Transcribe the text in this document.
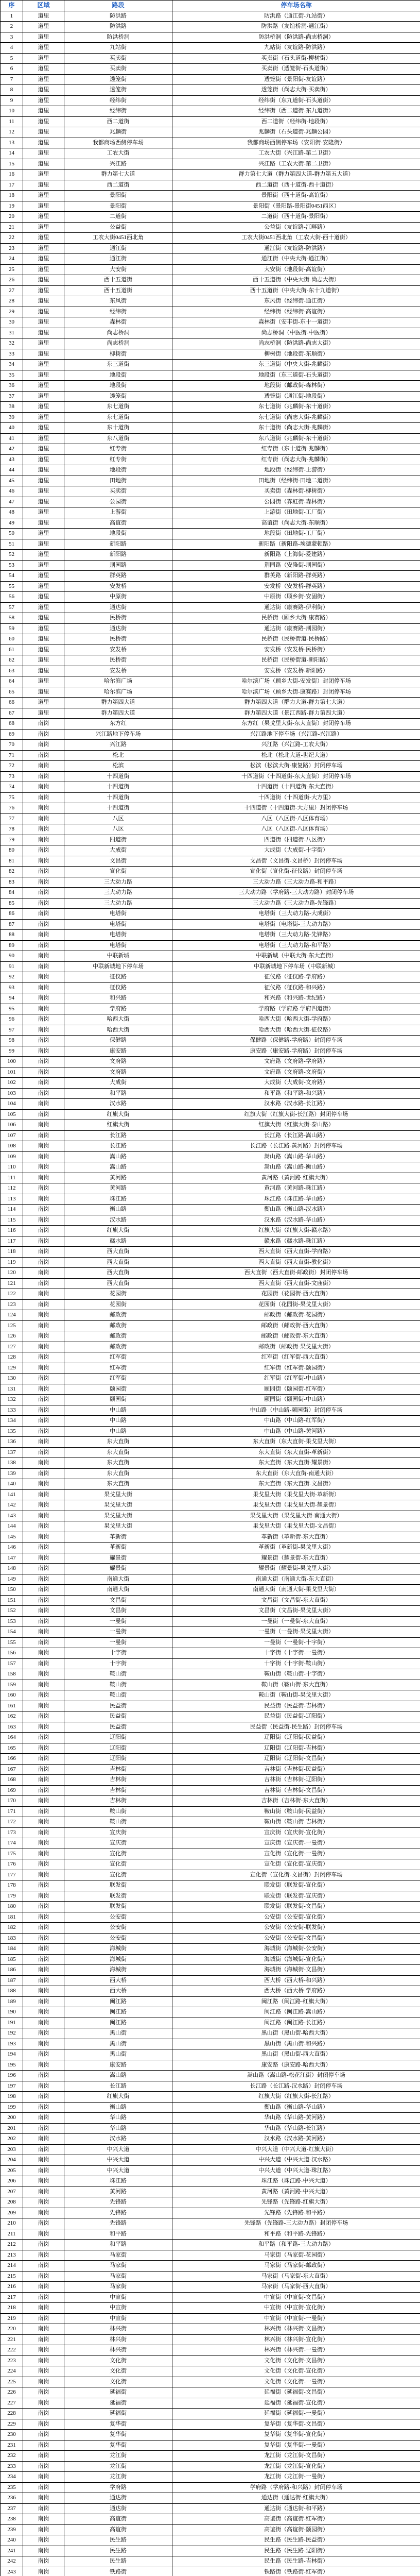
序	区域	路段	停车场名称
1	道里	防洪路	防洪路（通江街-九站街）
2	道里	防洪路	防洪路（友谊桥洞-通江街）
3	道里	防洪桥洞	防洪桥洞（防洪路-尚志桥洞）
4	道里	九站街	九站街（友谊路-防洪路）
5	道里	买卖街	买卖街（石头道街-柳树街）
6	道里	买卖街	买卖街（透笼街-石头道街）
7	道里	透笼街	透笼街（景阳街-友谊路）
8	道里	透笼街	透笼街（尚志大街-买卖街）
9	道里	经纬街	经纬街（东九道街-石头道街）
10	道里	经纬街	经纬街（西二道街-东九道街）
11	道里	西二道街	西二道街（经纬街-地段街）
12	道里	兆麟街	兆麟街（石头道街-兆麟公园）
13	道里	我都商场西侧停车场	我都商场西侧停车场（安阳街-安隆街）
14	道里	工农大街	工农大街（兴江路-第二卫街）
15	道里	兴江路	兴江路（工农大街-第二卫街）
16	道里	群力第七大道	群力第七大道（群力第四大道-群力第五大道）
17	道里	西二道街	西二道街（西十道街-西十道街）
18	道里	景阳街	景阳街（西十道街-高谊街）
19	道里	景阳街	景阳街（景阳路-景阳街0451西区）
20	道里	二道街	二道街（西十道街-景阳街）
21	道里	公益街	公益街（友谊路-江畔路）
22	道里	工农大街0451西北角	工农大街0451西北角（工农大街-西十道街）
23	道里	通江街	通江街（友谊路-防洪路）
24	道里	通江街	通江街（中央大街-通江街）
25	道里	大安街	大安街（地段街-高谊街）
26	道里	西十五道街	西十五道街（中央大街-尚志大街）
27	道里	西十五道街	西十五道街（中央大街-东十九道街）
28	道里	东风街	东风街（经纬街-通江街）
29	道里	经纬街	经纬街（经纬街-高谊街）
30	道里	森林街	森林街（安丰街-东十一道街）
31	道里	尚志桥洞	尚志桥洞（中医街-中医街）
32	道里	尚志桥洞	尚志桥洞（防洪路-尚志大街）
33	道里	柳树街	柳树街（地段街-东顺街）
34	道里	东三道街	东三道街（中央大街-兆麟街）
35	道里	地段街	地段街（东三道街-石头道街）
36	道里	地段街	地段街（邮政街-森林街）
37	道里	透笼街	透笼街（通江街-地段街）
38	道里	东七道街	东七道街（兆麟街-东十道街）
39	道里	东七道街	东七道街（尚志大街-兆麟街）
40	道里	东十道街	东十道街（尚志大街-兆麟街）
41	道里	东八道街	东八道街（兆麟街-东十道街）
42	道里	红专街	红专街（东十道街-兆麟街）
43	道里	红专街	红专街（尚志大街-兆麟街）
44	道里	地段街	地段街（经纬街-上游街）
45	道里	田地街	田地街（经纬街-田地二道街）
46	道里	买卖街	买卖街（森林街-柳树街）
47	道里	公园街	公园街（霁虹街-森林街）
48	道里	上游街	上游街（田地街-工厂街）
49	道里	高谊街	高谊街（尚志大街-东顺街）
50	道里	地段街	地段街（田地街-工厂街）
51	道里	新阳路	新阳路（新阳路-埃德蒙顿路）
52	道里	新阳路	新阳路（上海街-爱建路）
53	道里	荆园路	荆园路（安隆街-荆园街）
54	道里	群英路	群英路（新阳路-群英路）
55	道里	安发桥	安发桥（安发桥-群英路）
56	道里	中原街	中原街（顾乡街-安固街）
57	道里	通达街	通达街（康赛路-伊利街）
58	道里	民桥街	民桥街（顾乡大街-康赛路）
59	道里	通达街	通达街（康赛路-荆园街）
60	道里	民桥街	民桥街（民桥街道-民桥路）
61	道里	安发桥	安发桥（安发桥-民桥街）
62	道里	民桥街	民桥街（民桥街道-新阳路）
63	道里	安发桥	安发桥（安发桥-新阳路）
64	道里	哈尔滨广场	哈尔滨广场（顾乡大街-安发街）封闭停车场
65	道里	哈尔滨广场	哈尔滨广场（顾乡大街-康赛路）封闭停车场
66	道里	群力第四大道	群力第四大道（群力大道-群力第七大道）
67	道里	群力第四大道	群力第四大道（景江西路-群力第四大道）
68	南岗	东方红	东方红（果戈里大街-东大直街）封闭停车场
69	南岗	兴江路地下停车场	兴江路地下停车场（兴江路-兴江路）
70	南岗	兴江路	兴江路（兴江路-工农大街）
71	南岗	松北	松北（松北大道-世纪大道）
72	南岗	松滨	松滨（松滨大街-康复路）封闭停车场
73	南岗	十四道街	十四道街（十四道街-东大直街）封闭停车场
74	南岗	十四道街	十四道街（十四道街-东大直街）
75	南岗	十四道街	十四道街（十四道街-大方里）
76	南岗	十四道街	十四道街（十四道街-大方里）封闭停车场
77	南岗	八区	八区（八区街-八区体育场）
78	南岗	八区	八区（八区街-八区体育场）
79	南岗	四道街	四道街（四道街-八区街）
80	南岗	大成街	大成街（大成街-十字街）
81	南岗	文昌街	文昌街（文昌街-文昌桥）封闭停车场
82	南岗	宣化街	宣化街（宣化街-征仪路）封闭停车场
83	南岗	三大动力路	三大动力路（三大动力路-和平路）
84	南岗	三大动力路	三大动力路（学府路-三大动力路）封闭停车场
85	南岗	三大动力路	三大动力路（三大动力路-先锋路）
86	南岗	电塔街	电塔街（三大动力路-大成街）
87	南岗	电塔街	电塔街（电塔街-三大动力路）
88	南岗	电塔街	电塔街（三大动力路-先锋路）
89	南岗	电塔街	电塔街（三大动力路-和平路）
90	南岗	中联新城	中联新城（中联大街-东大直街）
91	南岗	中联新城地下停车场	中联新城地下停车场（中联新城）
92	南岗	征仪路	征仪路（征仪路-学府路）
93	南岗	征仪路	征仪路（征仪路-和兴路）
94	南岗	和兴路	和兴路（和兴路-世纪路）
95	南岗	学府路	学府路（学府路-学府四道街）
96	南岗	哈西大街	哈西大街（哈西大街-学府路）
97	南岗	哈西大街	哈西大街（哈西大街-征仪路）
98	南岗	保健路	保健路（保健路-学府路）封闭停车场
99	南岗	康安路	康安路（康安路-学府路）封闭停车场
100	南岗	文府路	文府路（文府路-学府路）
101	南岗	文府路	文府路（文府路-文府街）
102	南岗	大成街	大成街（大成街-文府路）
103	南岗	和平路	和平路（和平路-和兴路）
104	南岗	汉水路	汉水路（汉水路-长江路）
105	南岗	红旗大街	红旗大街（红旗大街-长江路）封闭停车场
106	南岗	红旗大街	红旗大街（红旗大街-泰山路）
107	南岗	长江路	长江路（长江路-嵩山路）
108	南岗	长江路	长江路（长江路-黄河路）封闭停车场
109	南岗	嵩山路	嵩山路（嵩山路-华山路）
110	南岗	嵩山路	嵩山路（嵩山路-衡山路）
111	南岗	黄河路	黄河路（黄河路-红旗大街）
112	南岗	黄河路	黄河路（黄河路-珠江路）
113	南岗	珠江路	珠江路（珠江路-华山路）
114	南岗	衡山路	衡山路（衡山路-汉水路）
115	南岗	汉水路	汉水路（汉水路-华山路）
116	南岗	红旗大街	红旗大街（红旗大街-赣水路）
117	南岗	赣水路	赣水路（赣水路-珠江路）
118	南岗	西大直街	西大直街（西大直街-学府路）
119	南岗	西大直街	西大直街（西大直街-教化街）
120	南岗	西大直街	西大直街（西大直街-邮政街）封闭停车场
121	南岗	西大直街	西大直街（西大直街-文庙街）
122	南岗	花园街	花园街（花园街-西大直街）
123	南岗	花园街	花园街（花园街-果戈里大街）
124	南岗	邮政街	邮政街（邮政街-花园街）
125	南岗	邮政街	邮政街（邮政街-西大直街）
126	南岗	邮政街	邮政街（邮政街-东大直街）
127	南岗	邮政街	邮政街（邮政街-果戈里大街）
128	南岗	红军街	红军街（红军街-西大直街）
129	南岗	红军街	红军街（红军街-颐园街）
130	南岗	红军街	红军街（红军街-中山路）
131	南岗	颐园街	颐园街（颐园街-红军街）
132	南岗	颐园街	颐园街（颐园街-中山路）
133	南岗	中山路	中山路（中山路-颐园街）封闭停车场
134	南岗	中山路	中山路（中山路-红军街）
135	南岗	中山路	中山路（中山路-黄河路）
136	南岗	东大直街	东大直街（东大直街-果戈里大街）
137	南岗	东大直街	东大直街（东大直街-革新街）
138	南岗	东大直街	东大直街（东大直街-耀景街）
139	南岗	东大直街	东大直街（东大直街-南通大街）
140	南岗	东大直街	东大直街（东大直街-文昌街）
141	南岗	果戈里大街	果戈里大街（果戈里大街-革新街）
142	南岗	果戈里大街	果戈里大街（果戈里大街-耀景街）
143	南岗	果戈里大街	果戈里大街（果戈里大街-南通大街）
144	南岗	果戈里大街	果戈里大街（果戈里大街-文昌街）
145	南岗	革新街	革新街（革新街-东大直街）
146	南岗	革新街	革新街（革新街-果戈里大街）
147	南岗	耀景街	耀景街（耀景街-东大直街）
148	南岗	耀景街	耀景街（耀景街-果戈里大街）
149	南岗	南通大街	南通大街（南通大街-东大直街）
150	南岗	南通大街	南通大街（南通大街-果戈里大街）
151	南岗	文昌街	文昌街（文昌街-东大直街）
152	南岗	文昌街	文昌街（文昌街-果戈里大街）
153	南岗	一曼街	一曼街（一曼街-东大直街）
154	南岗	一曼街	一曼街（一曼街-果戈里大街）
155	南岗	一曼街	一曼街（一曼街-十字街）
156	南岗	十字街	十字街（十字街-一曼街）
157	南岗	十字街	十字街（十字街-鞍山街）
158	南岗	鞍山街	鞍山街（鞍山街-十字街）
159	南岗	鞍山街	鞍山街（鞍山街-东大直街）
160	南岗	鞍山街	鞍山街（鞍山街-果戈里大街）
161	南岗	民益街	民益街（民益街-吉林街）
162	南岗	民益街	民益街（民益街-辽阳街）
163	南岗	民益街	民益街（民益街-民生路）封闭停车场
164	南岗	辽阳街	辽阳街（辽阳街-民益街）
165	南岗	辽阳街	辽阳街（辽阳街-吉林街）
166	南岗	辽阳街	辽阳街（辽阳街-文昌街）
167	南岗	吉林街	吉林街（吉林街-民益街）
168	南岗	吉林街	吉林街（吉林街-辽阳街）
169	南岗	吉林街	吉林街（吉林街-文昌街）
170	南岗	吉林街	吉林街（吉林街-东大直街）
171	南岗	鞍山街	鞍山街（鞍山街-民益街）
172	南岗	鞍山街	鞍山街（鞍山街-吉林街）
173	南岗	宣庆街	宣庆街（宣庆街-宣化街）
174	南岗	宣庆街	宣庆街（宣庆街-一曼街）
175	南岗	宣化街	宣化街（宣化街-一曼街）
176	南岗	宣化街	宣化街（宣化街-宣庆街）
177	南岗	宣化街	宣化街（宣化街-文昌街）封闭停车场
178	南岗	联发街	联发街（联发街-宣化街）
179	南岗	联发街	联发街（联发街-宣庆街）
180	南岗	联发街	联发街（联发街-文昌街）
181	南岗	公安街	公安街（公安街-宣化街）
182	南岗	公安街	公安街（公安街-联发街）
183	南岗	公安街	公安街（公安街-文昌街）
184	南岗	海城街	海城街（海城街-公安街）
185	南岗	海城街	海城街（海城街-宣化街）
186	南岗	海城街	海城街（海城街-文昌街）
187	南岗	西大桥	西大桥（西大桥-和兴路）
188	南岗	西大桥	西大桥（西大桥-学府路）
189	南岗	闽江路	闽江路（闽江路-红旗大街）
190	南岗	闽江路	闽江路（闽江路-嵩山路）
191	南岗	闽江路	闽江路（闽江路-长江路）
192	南岗	黑山街	黑山街（黑山街-哈西大街）
193	南岗	黑山街	黑山街（黑山街-和兴路）
194	南岗	黑山街	黑山街（黑山街-西大直街）
195	南岗	康安路	康安路（康安路-哈西大街）
196	南岗	嵩山路	嵩山路（嵩山路-松花江街）封闭停车场
197	南岗	长江路	长江路（长江路-汉水路）封闭停车场
198	南岗	红旗大街	红旗大街（红旗大街-长江路）
199	南岗	衡山路	衡山路（衡山路-华山路）
200	南岗	华山路	华山路（华山路-黄河路）
201	南岗	华山路	华山路（华山路-长江路）
202	南岗	汉水路	汉水路（汉水路-黄河路）
203	南岗	中兴大道	中兴大道（中兴大道-红旗大街）
204	南岗	中兴大道	中兴大道（中兴大道-汉水路）
205	南岗	中兴大道	中兴大道（中兴大道-珠江路）
206	南岗	珠江路	珠江路（珠江路-中兴大道）
207	南岗	黄河路	黄河路（黄河路-中兴大道）
208	南岗	先锋路	先锋路（先锋路-红旗大街）
209	南岗	先锋路	先锋路（先锋路-和平路）
210	南岗	先锋路	先锋路（先锋路-三大动力路）封闭停车场
211	南岗	和平路	和平路（和平路-先锋路）
212	南岗	和平路	和平路（和平路-三大动力路）
213	南岗	马家街	马家街（马家街-花园街）
214	南岗	马家街	马家街（马家街-邮政街）
215	南岗	马家街	马家街（马家街-东大直街）
216	南岗	马家街	马家街（马家街-西大直街）
217	南岗	中宣街	中宣街（中宣街-文昌街）
218	南岗	中宣街	中宣街（中宣街-宣化街）
219	南岗	中宣街	中宣街（中宣街-一曼街）
220	南岗	林兴街	林兴街（林兴街-文昌街）
221	南岗	林兴街	林兴街（林兴街-宣化街）
222	南岗	林兴街	林兴街（林兴街-一曼街）
223	南岗	文化街	文化街（文化街-文昌街）
224	南岗	文化街	文化街（文化街-宣化街）
225	南岗	文化街	文化街（文化街-一曼街）
226	南岗	延福街	延福街（延福街-文昌街）
227	南岗	延福街	延福街（延福街-宣化街）
228	南岗	延福街	延福街（延福街-一曼街）
229	南岗	复华街	复华街（复华街-文昌街）
230	南岗	复华街	复华街（复华街-宣化街）
231	南岗	复华街	复华街（复华街-一曼街）
232	南岗	龙江街	龙江街（龙江街-文昌街）
233	南岗	龙江街	龙江街（龙江街-宣化街）
234	南岗	龙江街	龙江街（龙江街-一曼街）
235	南岗	学府路	学府路（学府路-和兴路）封闭停车场
236	南岗	通达街	通达街（通达街-红旗大街）
237	南岗	通达街	通达街（通达街-和平路）
238	南岗	高谊街	高谊街（高谊街-红军街）
239	南岗	高谊街	高谊街（高谊街-颐园街）
240	南岗	民生路	民生路（民生路-民益街）
241	南岗	民生路	民生路（民生路-辽阳街）
242	南岗	民生路	民生路（民生路-吉林街）
243	南岗	铁路街	铁路街（铁路街-红军街）
